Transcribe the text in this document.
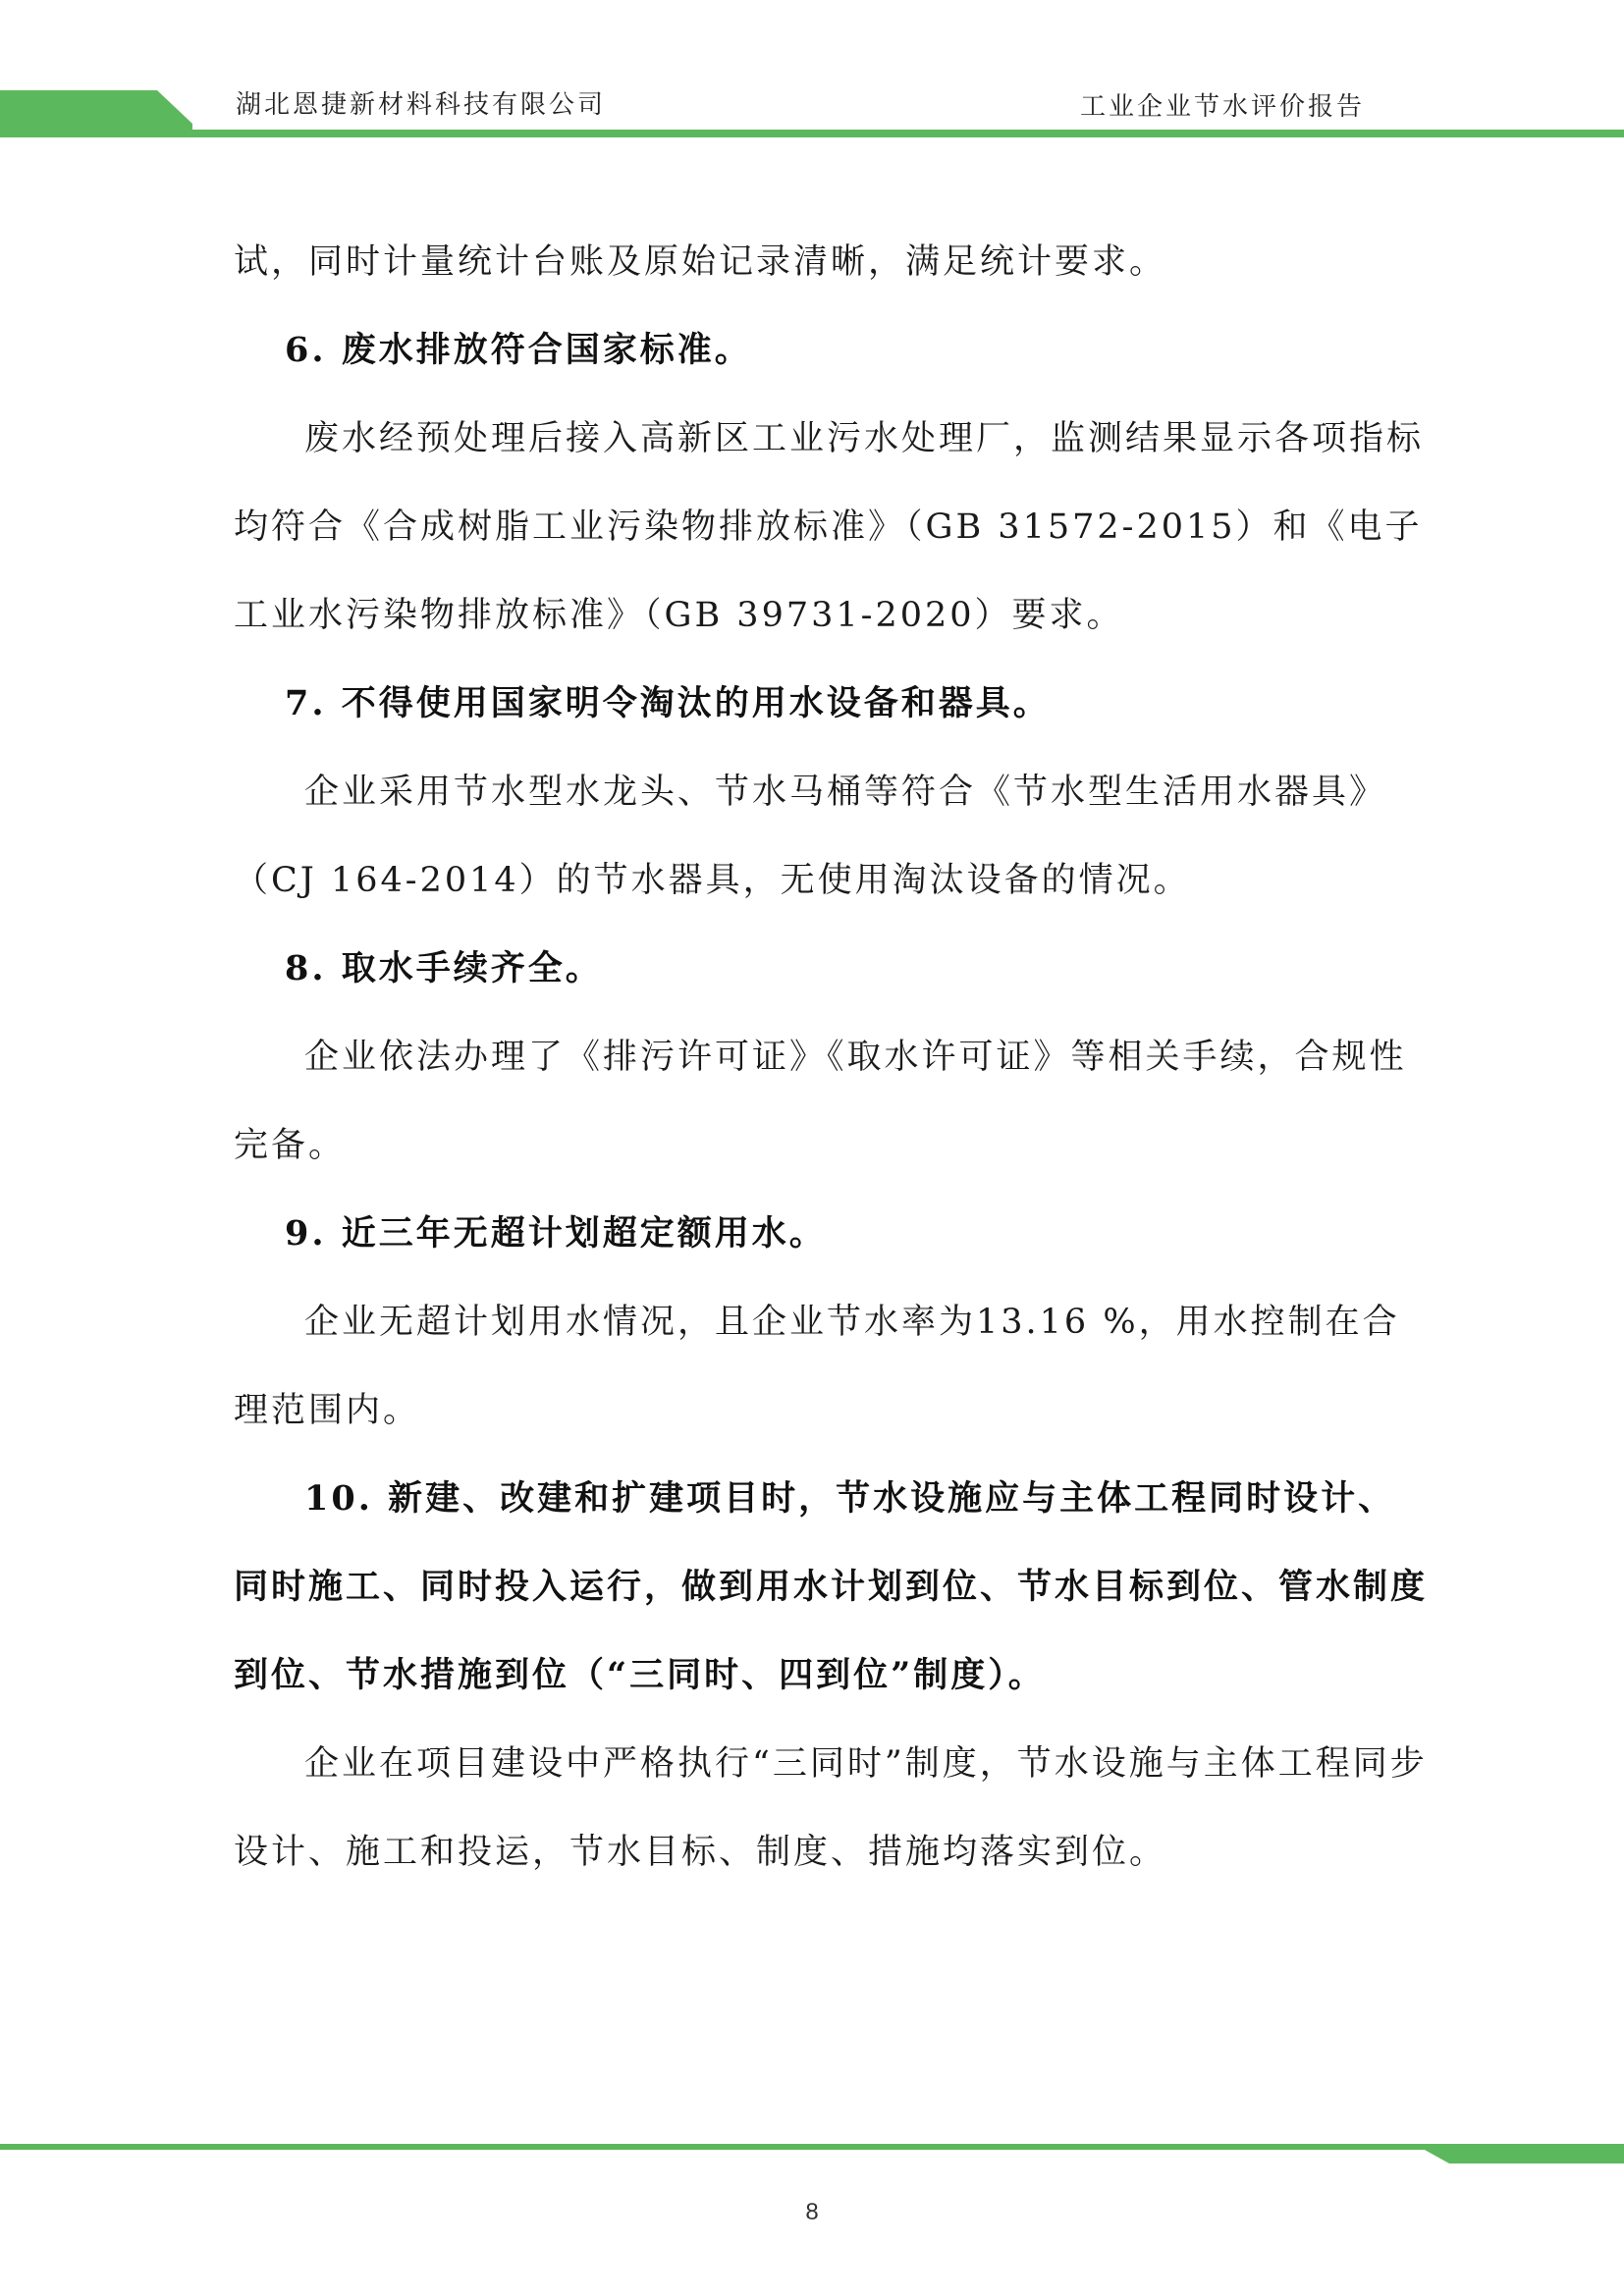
湖北恩捷新材料科技有限公司	工业企业节水评价报告

试，同时计量统计台账及原始记录清晰，满足统计要求。

6. 废水排放符合国家标准。

废水经预处理后接入高新区工业污水处理厂，监测结果显示各项指标均符合《合成树脂工业污染物排放标准》（GB 31572-2015）和《电子工业水污染物排放标准》（GB 39731-2020）要求。

7. 不得使用国家明令淘汰的用水设备和器具。

企业采用节水型水龙头、节水马桶等符合《节水型生活用水器具》（CJ 164-2014）的节水器具，无使用淘汰设备的情况。

8. 取水手续齐全。

企业依法办理了《排污许可证》《取水许可证》等相关手续，合规性完备。

9. 近三年无超计划超定额用水。

企业无超计划用水情况，且企业节水率为13.16 %，用水控制在合理范围内。

10. 新建、改建和扩建项目时，节水设施应与主体工程同时设计、同时施工、同时投入运行，做到用水计划到位、节水目标到位、管水制度到位、节水措施到位（“三同时、四到位”制度）。

企业在项目建设中严格执行“三同时”制度，节水设施与主体工程同步设计、施工和投运，节水目标、制度、措施均落实到位。

8
